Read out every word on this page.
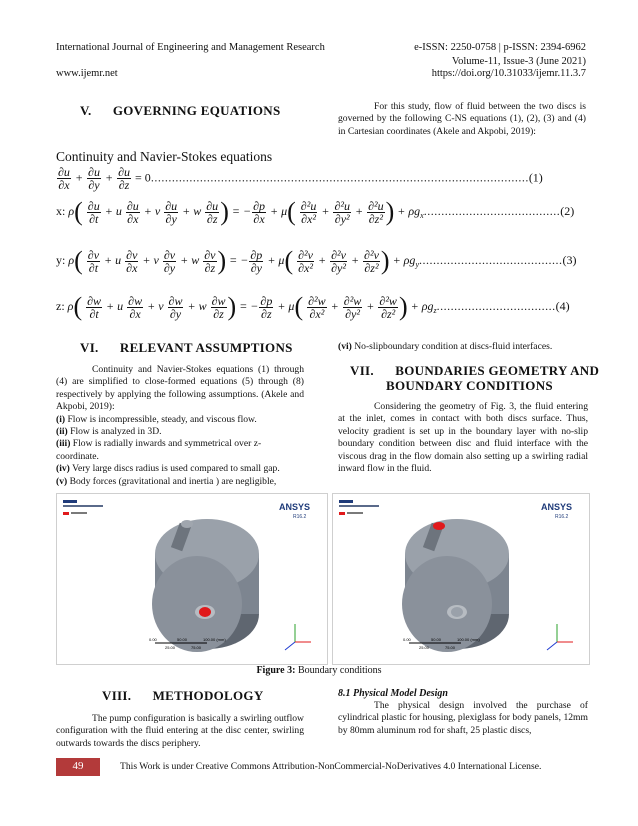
International Journal of Engineering and Management Research	e-ISSN: 2250-0758 | p-ISSN: 2394-6962
Volume-11, Issue-3 (June 2021)
www.ijemr.net	https://doi.org/10.31033/ijemr.11.3.7
V.      GOVERNING EQUATIONS	For this study, flow of fluid between the two discs is governed by the following C-NS equations (1), (2), (3) and (4) in Cartesian coordinates (Akele and Akpobi, 2019):
Continuity and Navier-Stokes equations
$\frac{\partial u}{\partial x} + \frac{\partial u}{\partial y} + \frac{\partial u}{\partial z} = 0............................................................................................................(1)$
x: $\rho( \frac{\partial u}{\partial t} + u \frac{\partial u}{\partial x} + v \frac{\partial u}{\partial y} + w \frac{\partial u}{\partial z}$ ) = − $\frac{\partial p}{\partial x} + \mu( \frac{\text{∂²u}}{\text{∂x²}} + \frac{\text{∂²u}}{\text{∂y²}} + \frac{\text{∂²u}}{\text{∂z²}}$ ) + $\rho g_x.......................................(2)$
y: $\rho( \frac{\partial v}{\partial t} + u \frac{\partial v}{\partial x} + v \frac{\partial v}{\partial y} + w \frac{\partial v}{\partial z}$ ) = − $\frac{\partial p}{\partial y} + \mu( \frac{\text{∂²v}}{\text{∂x²}} + \frac{\text{∂²v}}{\text{∂y²}} + \frac{\text{∂²v}}{\text{∂z²}}$ ) + $\rho g_y.........................................(3)$
z: $\rho( \frac{\partial w}{\partial t} + u \frac{\partial w}{\partial x} + v \frac{\partial w}{\partial y} + w \frac{\partial w}{\partial z}$ ) = − $\frac{\partial p}{\partial z} + \mu( \frac{\text{∂²w}}{\text{∂x²}} + \frac{\text{∂²w}}{\text{∂y²}} + \frac{\text{∂²w}}{\text{∂z²}}$ ) + $\rho g_z..................................(4)$
VI.      RELEVANT ASSUMPTIONS
Continuity and Navier-Stokes equations (1) through (4) are simplified to close-formed equations (5) through (8) respectively by applying the following assumptions. (Akele and Akpobi, 2019):
(i) Flow is incompressible, steady, and viscous flow.
(ii) Flow is analyzed in 3D.
(iii) Flow is radially inwards and symmetrical over z-coordinate.
(iv) Very large discs radius is used compared to small gap.
(v) Body forces (gravitational and inertia ) are negligible,
(vi) No-slipboundary condition at discs-fluid interfaces.
VII.      BOUNDARIES GEOMETRY AND
BOUNDARY CONDITIONS
Considering the geometry of Fig. 3, the fluid entering at the inlet, comes in contact with both discs surface. Thus, velocity gradient is set up in the boundary layer with no-slip boundary condition between disc and fluid interface with the viscous drag in the flow domain also setting up a swirling radial inward flow in the fluid.
ANSYS
R16.2
0.00	50.00	100.00 (mm)
25.00	75.00
ANSYS
R16.2
0.00	50.00	100.00 (mm)
25.00	75.00
Figure 3: Boundary conditions
VIII.      METHODOLOGY
The pump configuration is basically a swirling outflow configuration with the fluid entering at the disc center, swirling outwards towards the discs periphery.
8.1 Physical Model Design
The physical design involved the purchase of cylindrical plastic for housing, plexiglass for body panels, 12mm by 80mm aluminum rod for shaft, 25 plastic discs,
49	This Work is under Creative Commons Attribution-NonCommercial-NoDerivatives 4.0 International License.
